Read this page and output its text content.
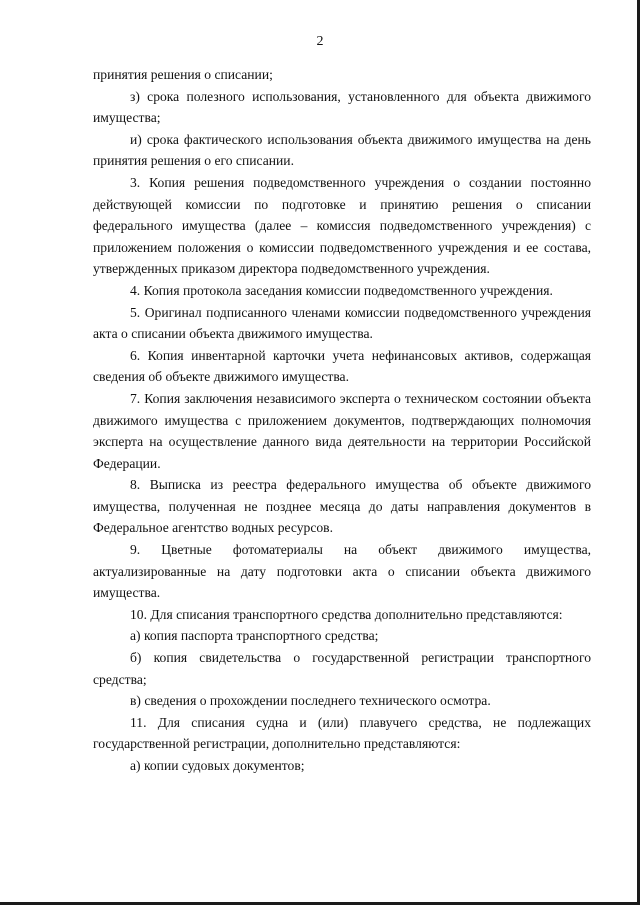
2

принятия решения о списании;

з) срока полезного использования, установленного для объекта движимого имущества;

и) срока фактического использования объекта движимого имущества на день принятия решения о его списании.

3. Копия решения подведомственного учреждения о создании постоянно действующей комиссии по подготовке и принятию решения о списании федерального имущества (далее – комиссия подведомственного учреждения) с приложением положения о комиссии подведомственного учреждения и ее состава, утвержденных приказом директора подведомственного учреждения.

4. Копия протокола заседания комиссии подведомственного учреждения.

5. Оригинал подписанного членами комиссии подведомственного учреждения акта о списании объекта движимого имущества.

6. Копия инвентарной карточки учета нефинансовых активов, содержащая сведения об объекте движимого имущества.

7. Копия заключения независимого эксперта о техническом состоянии объекта движимого имущества с приложением документов, подтверждающих полномочия эксперта на осуществление данного вида деятельности на территории Российской Федерации.

8. Выписка из реестра федерального имущества об объекте движимого имущества, полученная не позднее месяца до даты направления документов в Федеральное агентство водных ресурсов.

9. Цветные фотоматериалы на объект движимого имущества, актуализированные на дату подготовки акта о списании объекта движимого имущества.

10. Для списания транспортного средства дополнительно представляются:

а) копия паспорта транспортного средства;

б) копия свидетельства о государственной регистрации транспортного средства;

в) сведения о прохождении последнего технического осмотра.

11. Для списания судна и (или) плавучего средства, не подлежащих государственной регистрации, дополнительно представляются:

а) копии судовых документов;
